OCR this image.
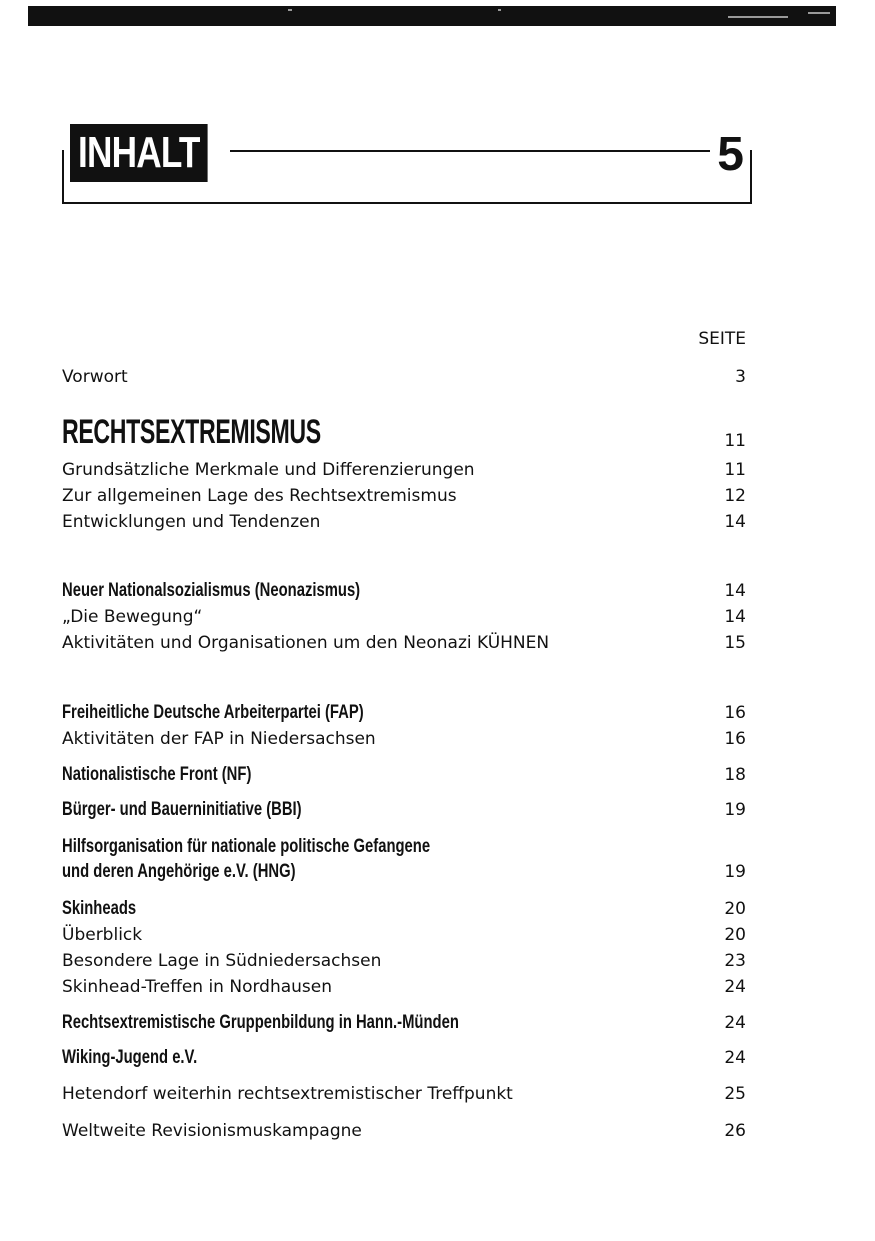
INHALT	5
SEITE
Vorwort	3
RECHTSEXTREMISMUS	11
Grundsätzliche Merkmale und Differenzierungen	11
Zur allgemeinen Lage des Rechtsextremismus	12
Entwicklungen und Tendenzen	14
Neuer Nationalsozialismus (Neonazismus)	14
„Die Bewegung“	14
Aktivitäten und Organisationen um den Neonazi KÜHNEN	15
Freiheitliche Deutsche Arbeiterpartei (FAP)	16
Aktivitäten der FAP in Niedersachsen	16
Nationalistische Front (NF)	18
Bürger- und Bauerninitiative (BBI)	19
Hilfsorganisation für nationale politische Gefangene
und deren Angehörige e.V. (HNG)	19
Skinheads	20
Überblick	20
Besondere Lage in Südniedersachsen	23
Skinhead-Treffen in Nordhausen	24
Rechtsextremistische Gruppenbildung in Hann.-Münden	24
Wiking-Jugend e.V.	24
Hetendorf weiterhin rechtsextremistischer Treffpunkt	25
Weltweite Revisionismuskampagne	26
